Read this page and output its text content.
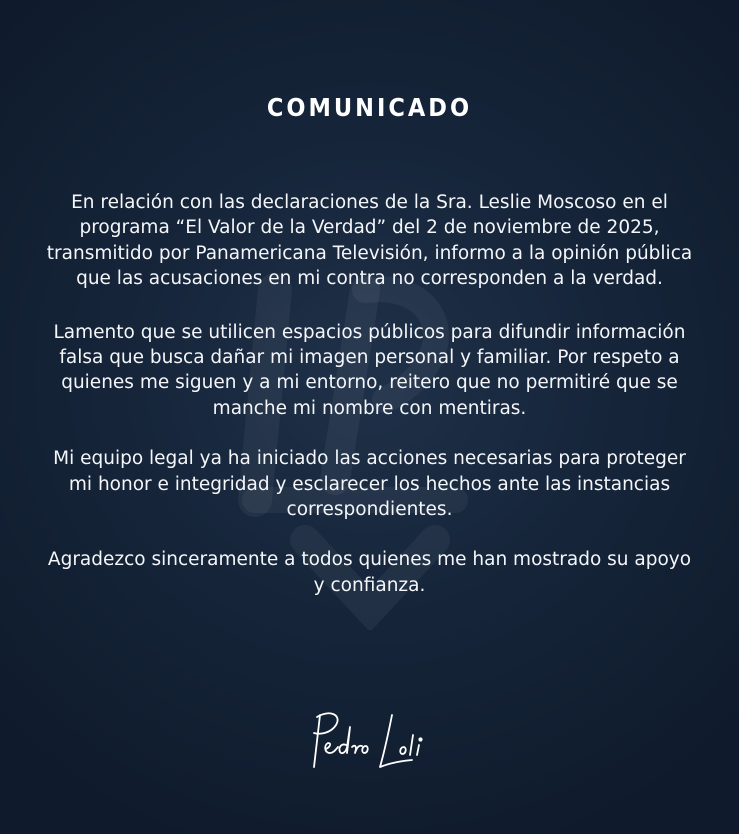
COMUNICADO

En relación con las declaraciones de la Sra. Leslie Moscoso en el programa “El Valor de la Verdad” del 2 de noviembre de 2025, transmitido por Panamericana Televisión, informo a la opinión pública que las acusaciones en mi contra no corresponden a la verdad.

Lamento que se utilicen espacios públicos para difundir información falsa que busca dañar mi imagen personal y familiar. Por respeto a quienes me siguen y a mi entorno, reitero que no permitiré que se manche mi nombre con mentiras.

Mi equipo legal ya ha iniciado las acciones necesarias para proteger mi honor e integridad y esclarecer los hechos ante las instancias correspondientes.

Agradezco sinceramente a todos quienes me han mostrado su apoyo y confianza.
